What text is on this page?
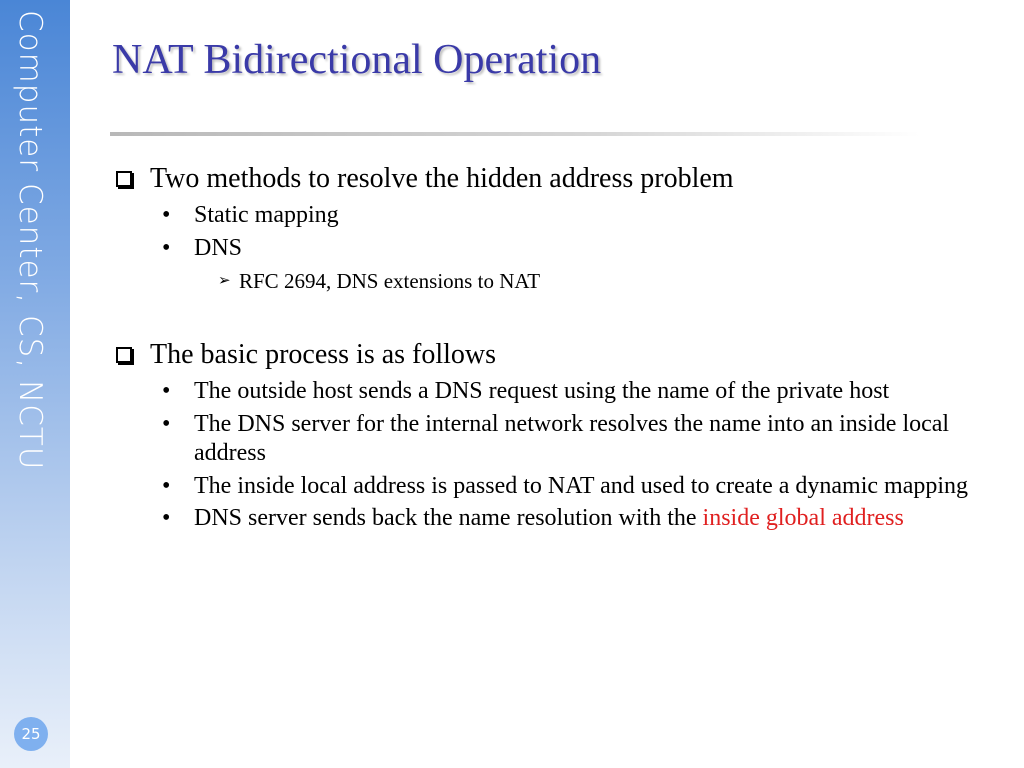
Computer Center, CS, NCTU
25
NAT Bidirectional Operation
Two methods to resolve the hidden address problem
• Static mapping
• DNS
➢ RFC 2694, DNS extensions to NAT
The basic process is as follows
• The outside host sends a DNS request using the name of the private host
• The DNS server for the internal network resolves the name into an inside local address
• The inside local address is passed to NAT and used to create a dynamic mapping
• DNS server sends back the name resolution with the inside global address
